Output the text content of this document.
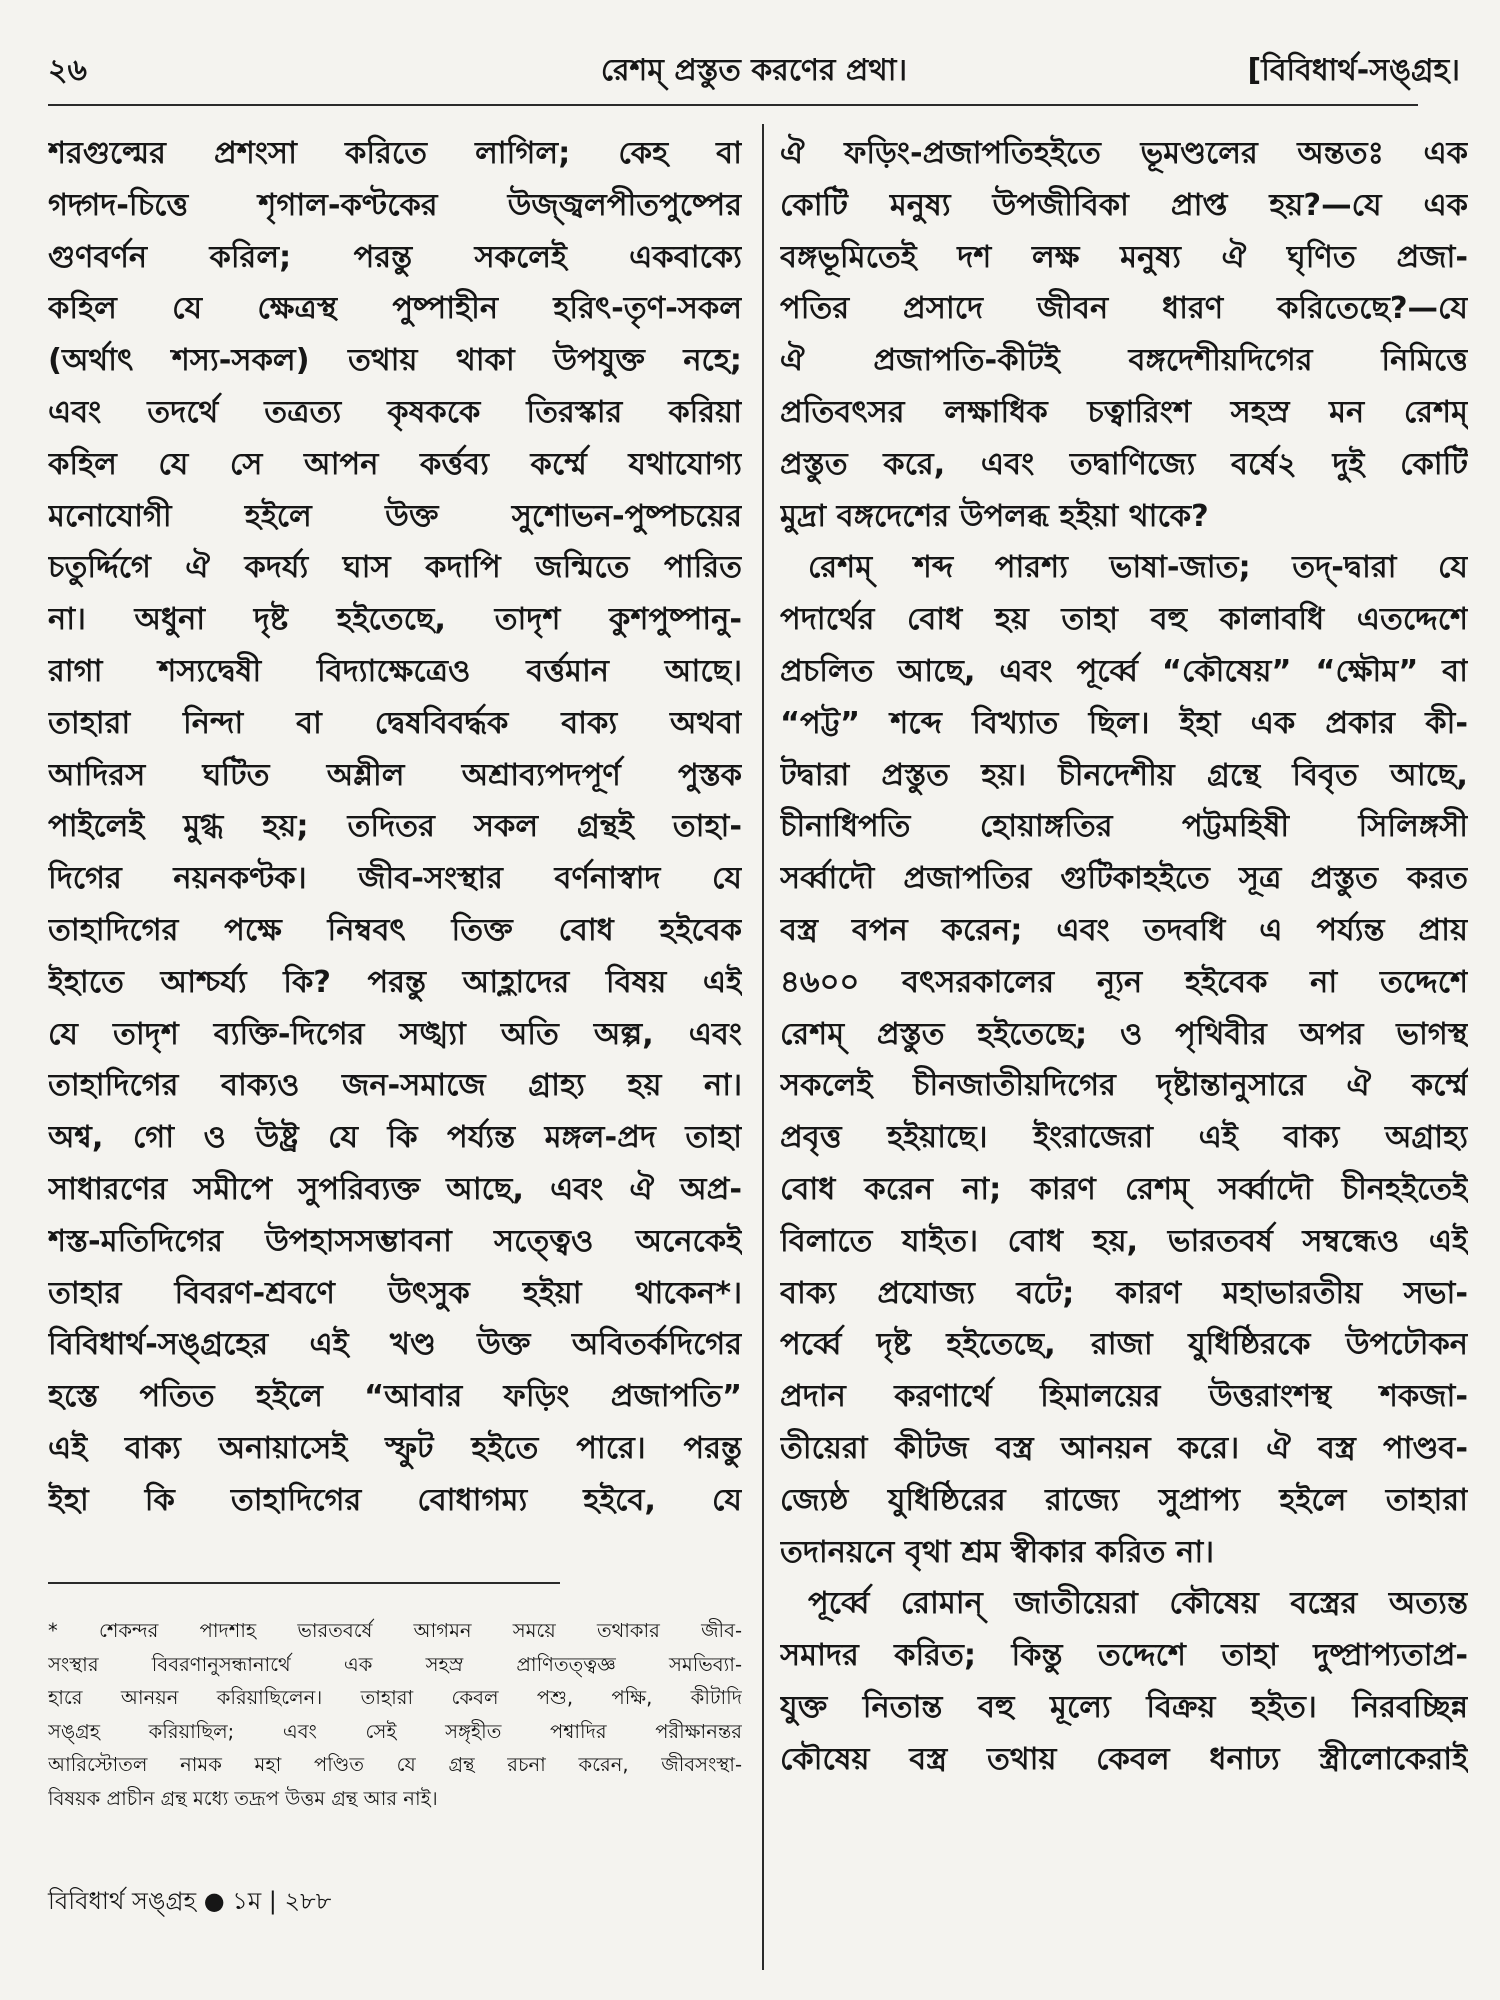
২৬	রেশম্ প্রস্তুত করণের প্রথা।	[বিবিধার্থ-সঙ্গ্রহ।
শরগুল্মের প্রশংসা করিতে লাগিল; কেহ বা
গদ্গদ-চিত্তে শৃগাল-কণ্টকের উজ্জ্বলপীতপুষ্পের
গুণবর্ণন করিল; পরন্তু সকলেই একবাক্যে
কহিল যে ক্ষেত্রস্থ পুষ্পাহীন হরিৎ-তৃণ-সকল
(অর্থাৎ শস্য-সকল) তথায় থাকা উপযুক্ত নহে;
এবং তদর্থে তত্রত্য কৃষককে তিরস্কার করিয়া
কহিল যে সে আপন কর্ত্তব্য কর্ম্মে যথাযোগ্য
মনোযোগী হইলে উক্ত সুশোভন-পুষ্পচয়ের
চতুর্দ্দিগে ঐ কদর্য্য ঘাস কদাপি জন্মিতে পারিত
না। অধুনা দৃষ্ট হইতেছে, তাদৃশ কুশপুষ্পানু-
রাগা শস্যদ্বেষী বিদ্যাক্ষেত্রেও বর্ত্তমান আছে।
তাহারা নিন্দা বা দ্বেষবিবর্দ্ধক বাক্য অথবা
আদিরস ঘটিত অশ্লীল অশ্রাব্যপদপূর্ণ পুস্তক
পাইলেই মুগ্ধ হয়; তদিতর সকল গ্রন্থই তাহা-
দিগের নয়নকণ্টক। জীব-সংস্থার বর্ণনাস্বাদ যে
তাহাদিগের পক্ষে নিম্ববৎ তিক্ত বোধ হইবেক
ইহাতে আশ্চর্য্য কি? পরন্তু আহ্লাদের বিষয় এই
যে তাদৃশ ব্যক্তি-দিগের সঙ্খ্যা অতি অল্প, এবং
তাহাদিগের বাক্যও জন-সমাজে গ্রাহ্য হয় না।
অশ্ব, গো ও উষ্ট্র যে কি পর্য্যন্ত মঙ্গল-প্রদ তাহা
সাধারণের সমীপে সুপরিব্যক্ত আছে, এবং ঐ অপ্র-
শস্ত-মতিদিগের উপহাসসম্ভাবনা সত্ত্বেও অনেকেই
তাহার বিবরণ-শ্রবণে উৎসুক হইয়া থাকেন*।
বিবিধার্থ-সঙ্গ্রহের এই খণ্ড উক্ত অবিতর্কদিগের
হস্তে পতিত হইলে “আবার ফড়িং প্রজাপতি”
এই বাক্য অনায়াসেই স্ফুট হইতে পারে। পরন্তু
ইহা কি তাহাদিগের বোধাগম্য হইবে, যে
* শেকন্দর পাদশাহ ভারতবর্ষে আগমন সময়ে তথাকার জীব-
সংস্থার বিবরণানুসন্ধানার্থে এক সহস্র প্রাণিতত্ত্বজ্ঞ সমভিব্যা-
হারে আনয়ন করিয়াছিলেন। তাহারা কেবল পশু, পক্ষি, কীটাদি
সঙ্গ্রহ করিয়াছিল; এবং সেই সঙ্গৃহীত পশ্বাদির পরীক্ষানন্তর
আরিস্টোতল নামক মহা পণ্ডিত যে গ্রন্থ রচনা করেন, জীবসংস্থা-
বিষয়ক প্রাচীন গ্রন্থ মধ্যে তদ্রূপ উত্তম গ্রন্থ আর নাই।
ঐ ফড়িং-প্রজাপতিহইতে ভূমণ্ডলের অন্ততঃ এক
কোটি মনুষ্য উপজীবিকা প্রাপ্ত হয়?—যে এক
বঙ্গভূমিতেই দশ লক্ষ মনুষ্য ঐ ঘৃণিত প্রজা-
পতির প্রসাদে জীবন ধারণ করিতেছে?—যে
ঐ প্রজাপতি-কীটই বঙ্গদেশীয়দিগের নিমিত্তে
প্রতিবৎসর লক্ষাধিক চত্বারিংশ সহস্র মন রেশম্
প্রস্তুত করে, এবং তদ্বাণিজ্যে বর্ষে২ দুই কোটি
মুদ্রা বঙ্গদেশের উপলব্ধ হইয়া থাকে?
রেশম্ শব্দ পারশ্য ভাষা-জাত; তদ্-দ্বারা যে
পদার্থের বোধ হয় তাহা বহু কালাবধি এতদ্দেশে
প্রচলিত আছে, এবং পূর্ব্বে “কৌষেয়” “ক্ষৌম” বা
“পট্ট” শব্দে বিখ্যাত ছিল। ইহা এক প্রকার কী-
টদ্বারা প্রস্তুত হয়। চীনদেশীয় গ্রন্থে বিবৃত আছে,
চীনাধিপতি হোয়াঙ্গতির পট্টমহিষী সিলিঙ্গসী
সর্ব্বাদৌ প্রজাপতির গুটিকাহইতে সূত্র প্রস্তুত করত
বস্ত্র বপন করেন; এবং তদবধি এ পর্য্যন্ত প্রায়
৪৬০০ বৎসরকালের ন্যূন হইবেক না তদ্দেশে
রেশম্ প্রস্তুত হইতেছে; ও পৃথিবীর অপর ভাগস্থ
সকলেই চীনজাতীয়দিগের দৃষ্টান্তানুসারে ঐ কর্ম্মে
প্রবৃত্ত হইয়াছে। ইংরাজেরা এই বাক্য অগ্রাহ্য
বোধ করেন না; কারণ রেশম্ সর্ব্বাদৌ চীনহইতেই
বিলাতে যাইত। বোধ হয়, ভারতবর্ষ সম্বন্ধেও এই
বাক্য প্রযোজ্য বটে; কারণ মহাভারতীয় সভা-
পর্ব্বে দৃষ্ট হইতেছে, রাজা যুধিষ্ঠিরকে উপঢৌকন
প্রদান করণার্থে হিমালয়ের উত্তরাংশস্থ শকজা-
তীয়েরা কীটজ বস্ত্র আনয়ন করে। ঐ বস্ত্র পাণ্ডব-
জ্যেষ্ঠ যুধিষ্ঠিরের রাজ্যে সুপ্রাপ্য হইলে তাহারা
তদানয়নে বৃথা শ্রম স্বীকার করিত না।
পূর্ব্বে রোমান্ জাতীয়েরা কৌষেয় বস্ত্রের অত্যন্ত
সমাদর করিত; কিন্তু তদ্দেশে তাহা দুষ্প্রাপ্যতাপ্র-
যুক্ত নিতান্ত বহু মূল্যে বিক্রয় হইত। নিরবচ্ছিন্ন
কৌষেয় বস্ত্র তথায় কেবল ধনাঢ্য স্ত্রীলোকেরাই
বিবিধার্থ সঙ্গ্রহ ● ১ম | ২৮৮
